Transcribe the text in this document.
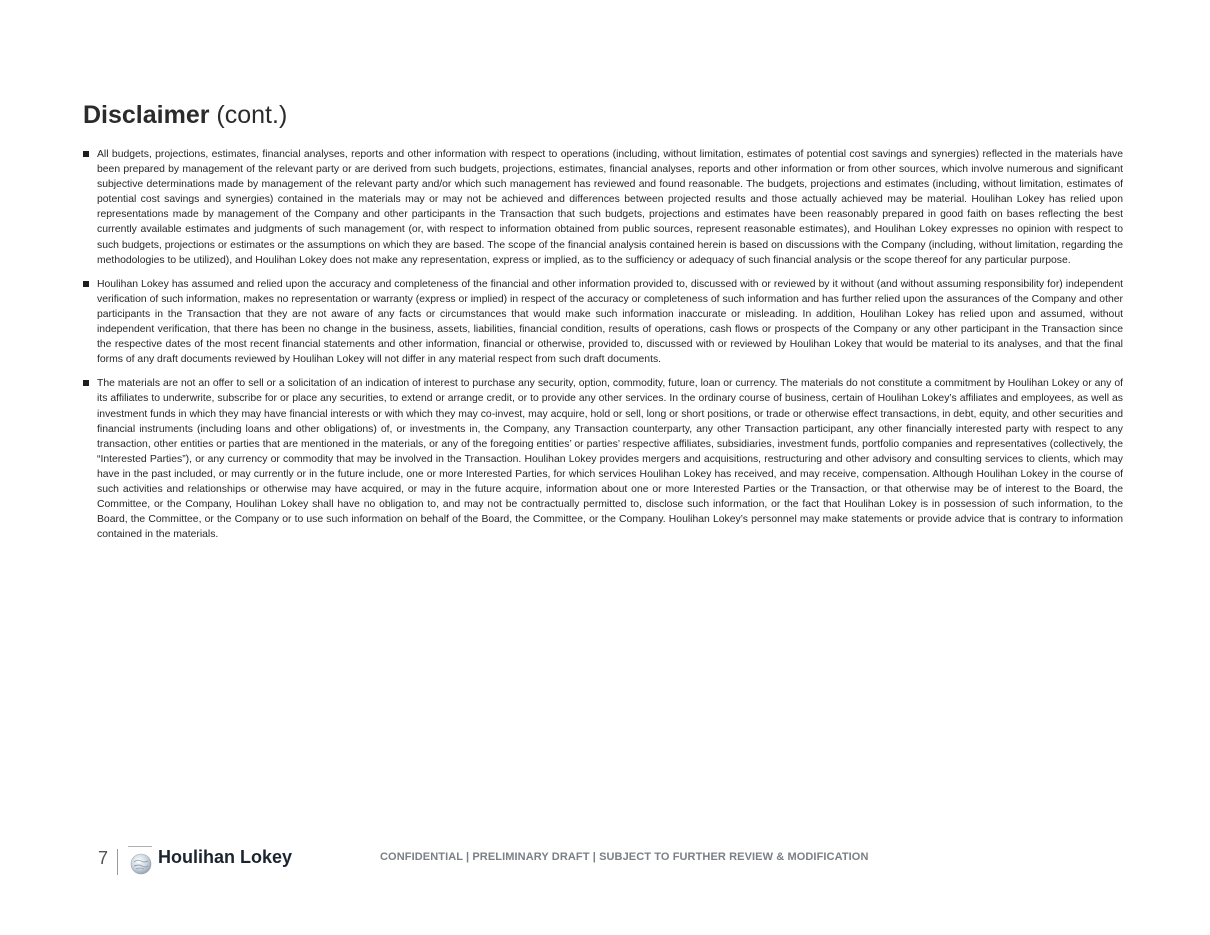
Disclaimer (cont.)
All budgets, projections, estimates, financial analyses, reports and other information with respect to operations (including, without limitation, estimates of potential cost savings and synergies) reflected in the materials have been prepared by management of the relevant party or are derived from such budgets, projections, estimates, financial analyses, reports and other information or from other sources, which involve numerous and significant subjective determinations made by management of the relevant party and/or which such management has reviewed and found reasonable. The budgets, projections and estimates (including, without limitation, estimates of potential cost savings and synergies) contained in the materials may or may not be achieved and differences between projected results and those actually achieved may be material. Houlihan Lokey has relied upon representations made by management of the Company and other participants in the Transaction that such budgets, projections and estimates have been reasonably prepared in good faith on bases reflecting the best currently available estimates and judgments of such management (or, with respect to information obtained from public sources, represent reasonable estimates), and Houlihan Lokey expresses no opinion with respect to such budgets, projections or estimates or the assumptions on which they are based. The scope of the financial analysis contained herein is based on discussions with the Company (including, without limitation, regarding the methodologies to be utilized), and Houlihan Lokey does not make any representation, express or implied, as to the sufficiency or adequacy of such financial analysis or the scope thereof for any particular purpose.
Houlihan Lokey has assumed and relied upon the accuracy and completeness of the financial and other information provided to, discussed with or reviewed by it without (and without assuming responsibility for) independent verification of such information, makes no representation or warranty (express or implied) in respect of the accuracy or completeness of such information and has further relied upon the assurances of the Company and other participants in the Transaction that they are not aware of any facts or circumstances that would make such information inaccurate or misleading. In addition, Houlihan Lokey has relied upon and assumed, without independent verification, that there has been no change in the business, assets, liabilities, financial condition, results of operations, cash flows or prospects of the Company or any other participant in the Transaction since the respective dates of the most recent financial statements and other information, financial or otherwise, provided to, discussed with or reviewed by Houlihan Lokey that would be material to its analyses, and that the final forms of any draft documents reviewed by Houlihan Lokey will not differ in any material respect from such draft documents.
The materials are not an offer to sell or a solicitation of an indication of interest to purchase any security, option, commodity, future, loan or currency. The materials do not constitute a commitment by Houlihan Lokey or any of its affiliates to underwrite, subscribe for or place any securities, to extend or arrange credit, or to provide any other services. In the ordinary course of business, certain of Houlihan Lokey’s affiliates and employees, as well as investment funds in which they may have financial interests or with which they may co-invest, may acquire, hold or sell, long or short positions, or trade or otherwise effect transactions, in debt, equity, and other securities and financial instruments (including loans and other obligations) of, or investments in, the Company, any Transaction counterparty, any other Transaction participant, any other financially interested party with respect to any transaction, other entities or parties that are mentioned in the materials, or any of the foregoing entities’ or parties’ respective affiliates, subsidiaries, investment funds, portfolio companies and representatives (collectively, the “Interested Parties”), or any currency or commodity that may be involved in the Transaction. Houlihan Lokey provides mergers and acquisitions, restructuring and other advisory and consulting services to clients, which may have in the past included, or may currently or in the future include, one or more Interested Parties, for which services Houlihan Lokey has received, and may receive, compensation. Although Houlihan Lokey in the course of such activities and relationships or otherwise may have acquired, or may in the future acquire, information about one or more Interested Parties or the Transaction, or that otherwise may be of interest to the Board, the Committee, or the Company, Houlihan Lokey shall have no obligation to, and may not be contractually permitted to, disclose such information, or the fact that Houlihan Lokey is in possession of such information, to the Board, the Committee, or the Company or to use such information on behalf of the Board, the Committee, or the Company. Houlihan Lokey’s personnel may make statements or provide advice that is contrary to information contained in the materials.
7	Houlihan Lokey	CONFIDENTIAL | PRELIMINARY DRAFT | SUBJECT TO FURTHER REVIEW & MODIFICATION
